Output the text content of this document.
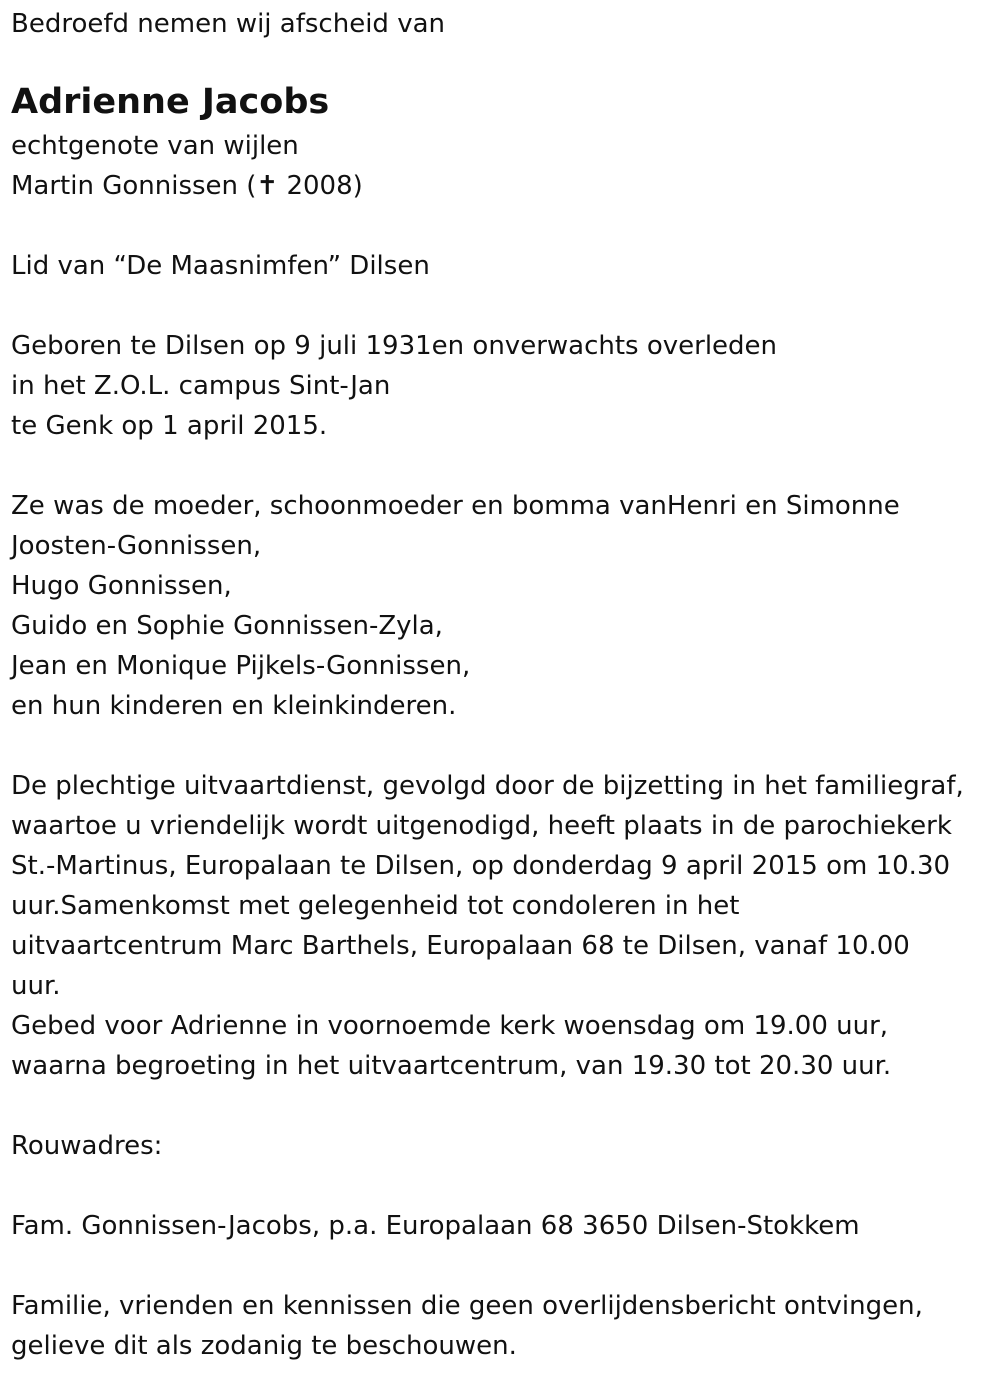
Bedroefd nemen wij afscheid van
Adrienne Jacobs
echtgenote van wijlen
Martin Gonnissen (✝ 2008)
Lid van “De Maasnimfen” Dilsen
Geboren te Dilsen op 9 juli 1931en onverwachts overleden
in het Z.O.L. campus Sint-Jan
te Genk op 1 april 2015.
Ze was de moeder, schoonmoeder en bomma vanHenri en Simonne
Joosten-Gonnissen,
Hugo Gonnissen,
Guido en Sophie Gonnissen-Zyla,
Jean en Monique Pijkels-Gonnissen,
en hun kinderen en kleinkinderen.
De plechtige uitvaartdienst, gevolgd door de bijzetting in het familiegraf,
waartoe u vriendelijk wordt uitgenodigd, heeft plaats in de parochiekerk
St.-Martinus, Europalaan te Dilsen, op donderdag 9 april 2015 om 10.30
uur.Samenkomst met gelegenheid tot condoleren in het
uitvaartcentrum Marc Barthels, Europalaan 68 te Dilsen, vanaf 10.00
uur.
Gebed voor Adrienne in voornoemde kerk woensdag om 19.00 uur,
waarna begroeting in het uitvaartcentrum, van 19.30 tot 20.30 uur.
Rouwadres:
Fam. Gonnissen-Jacobs, p.a. Europalaan 68 3650 Dilsen-Stokkem
Familie, vrienden en kennissen die geen overlijdensbericht ontvingen,
gelieve dit als zodanig te beschouwen.
